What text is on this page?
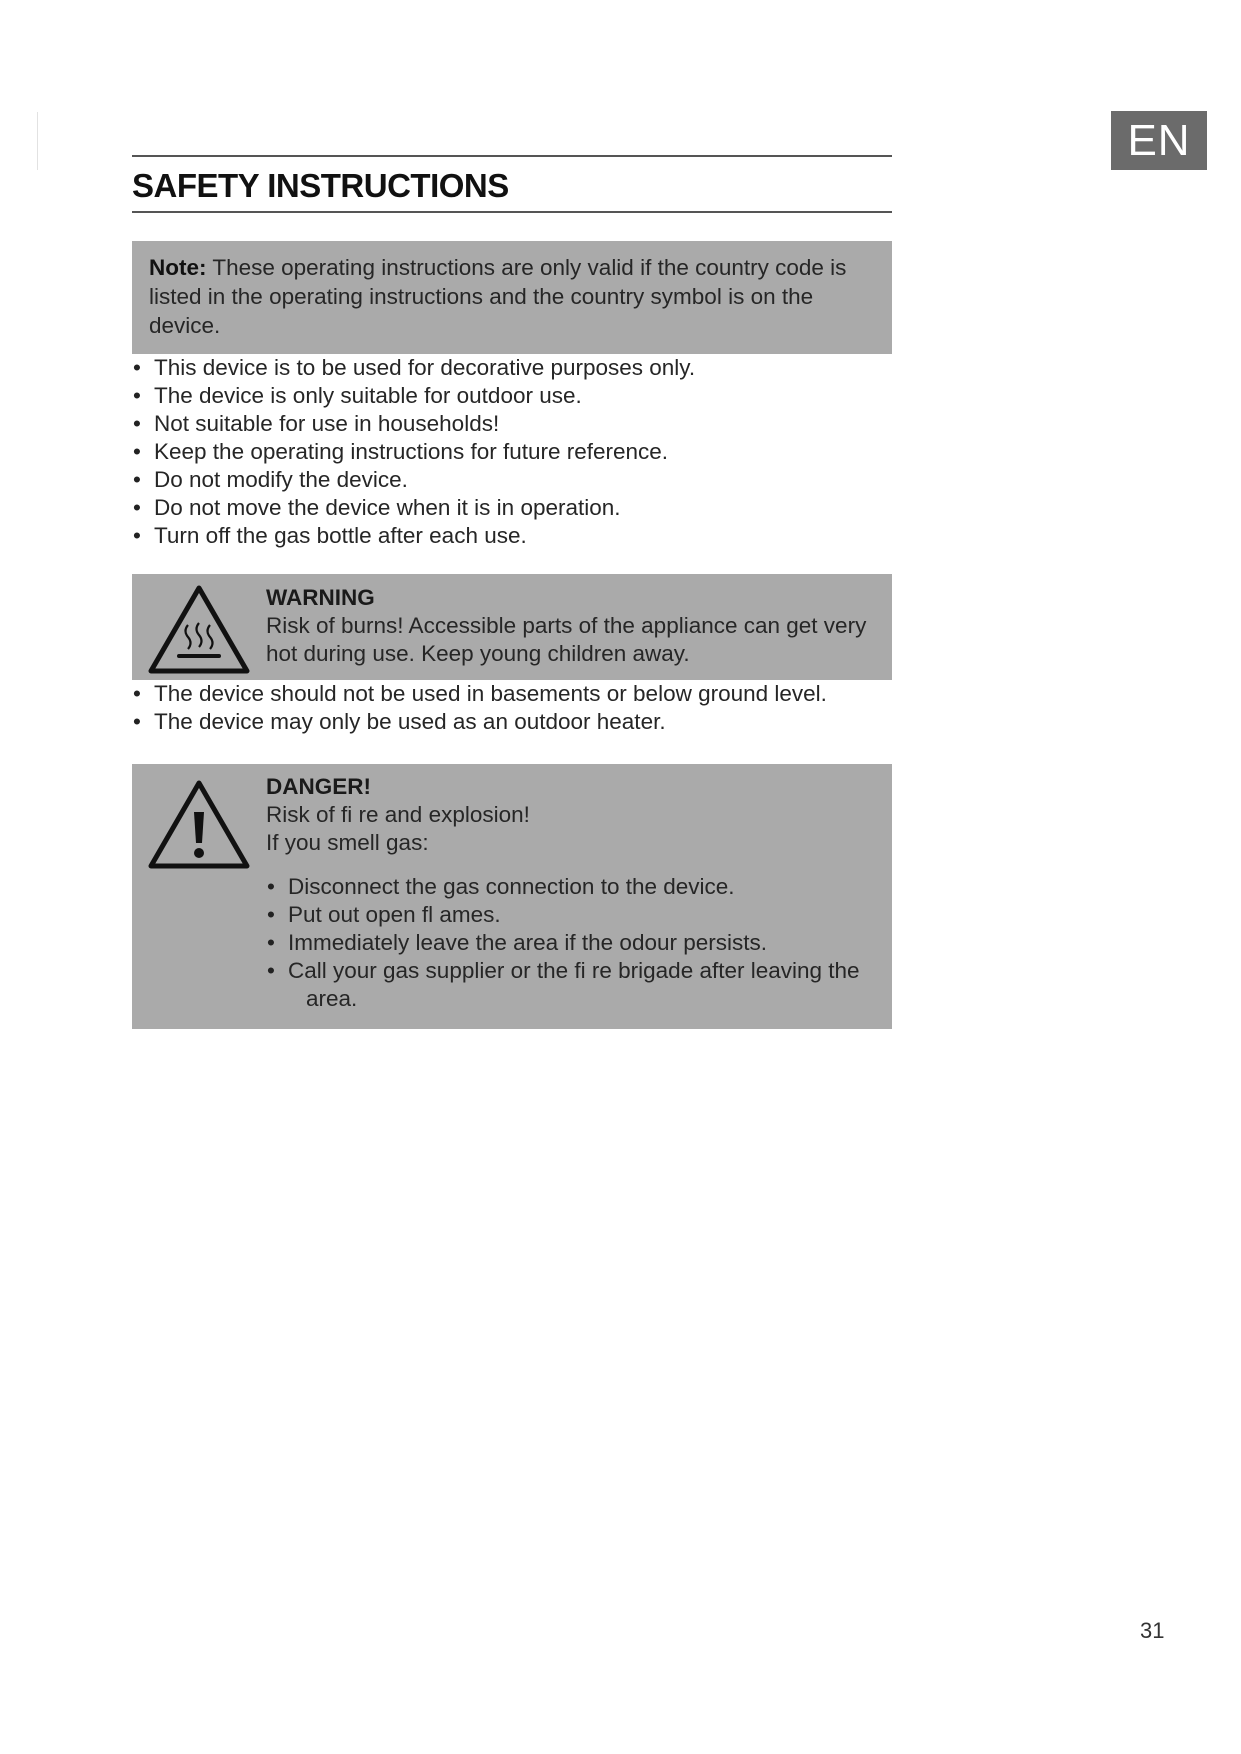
EN
SAFETY INSTRUCTIONS
Note: These operating instructions are only valid if the country code is listed in the operating instructions and the country symbol is on the device.
• This device is to be used for decorative purposes only.
• The device is only suitable for outdoor use.
• Not suitable for use in households!
• Keep the operating instructions for future reference.
• Do not modify the device.
• Do not move the device when it is in operation.
• Turn off the gas bottle after each use.
WARNING
Risk of burns! Accessible parts of the appliance can get very hot during use. Keep young children away.
• The device should not be used in basements or below ground level.
• The device may only be used as an outdoor heater.
DANGER!
Risk of fi re and explosion!
If you smell gas:
• Disconnect the gas connection to the device.
• Put out open fl ames.
• Immediately leave the area if the odour persists.
• Call your gas supplier or the fi re brigade after leaving the
area.
31
